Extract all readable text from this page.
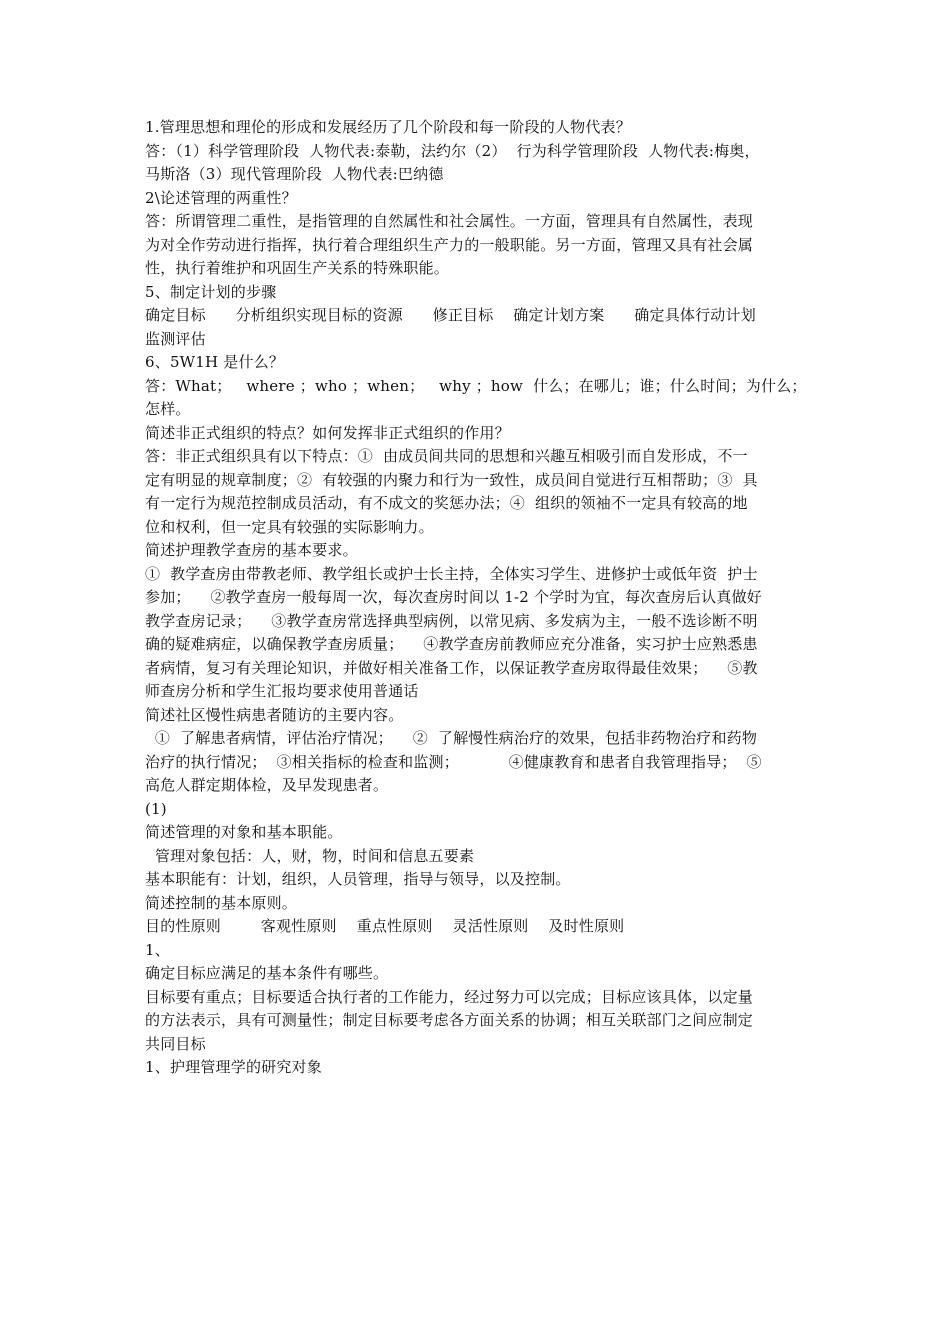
1.管理思想和理伦的形成和发展经历了几个阶段和每一阶段的人物代表？
答：（1）科学管理阶段  人物代表:泰勒，法约尔（2）  行为科学管理阶段  人物代表:梅奥，
马斯洛（3）现代管理阶段  人物代表:巴纳德
2\论述管理的两重性？
答：所谓管理二重性，是指管理的自然属性和社会属性。一方面，管理具有自然属性，表现
为对全作劳动进行指挥，执行着合理组织生产力的一般职能。另一方面，管理又具有社会属
性，执行着维护和巩固生产关系的特殊职能。
5、制定计划的步骤
确定目标      分析组织实现目标的资源      修正目标    确定计划方案      确定具体行动计划
监测评估
6、5W1H 是什么？
答：What；   where ；who ；when；   why ；how  什么；在哪儿；谁；什么时间；为什么；
怎样。
简述非正式组织的特点？如何发挥非正式组织的作用？
答：非正式组织具有以下特点：①  由成员间共同的思想和兴趣互相吸引而自发形成，不一
定有明显的规章制度；②  有较强的内聚力和行为一致性，成员间自觉进行互相帮助；③  具
有一定行为规范控制成员活动，有不成文的奖惩办法；④  组织的领袖不一定具有较高的地
位和权利，但一定具有较强的实际影响力。
简述护理教学查房的基本要求。
①  教学查房由带教老师、教学组长或护士长主持，全体实习学生、进修护士或低年资  护士
参加；    ②教学查房一般每周一次，每次查房时间以 1-2 个学时为宜，每次查房后认真做好
教学查房记录；    ③教学查房常选择典型病例，以常见病、多发病为主，一般不选诊断不明
确的疑难病症，以确保教学查房质量；    ④教学查房前教师应充分准备，实习护士应熟悉患
者病情，复习有关理论知识，并做好相关准备工作，以保证教学查房取得最佳效果；    ⑤教
师查房分析和学生汇报均要求使用普通话
简述社区慢性病患者随访的主要内容。
①  了解患者病情，评估治疗情况；    ②  了解慢性病治疗的效果，包括非药物治疗和药物
治疗的执行情况；  ③相关指标的检查和监测；          ④健康教育和患者自我管理指导；  ⑤
高危人群定期体检，及早发现患者。
(1)
简述管理的对象和基本职能。
管理对象包括：人，财，物，时间和信息五要素
基本职能有：计划，组织，人员管理，指导与领导，以及控制。
简述控制的基本原则。
目的性原则        客观性原则    重点性原则    灵活性原则    及时性原则
1、
确定目标应满足的基本条件有哪些。
目标要有重点；目标要适合执行者的工作能力，经过努力可以完成；目标应该具体，以定量
的方法表示，具有可测量性；制定目标要考虑各方面关系的协调；相互关联部门之间应制定
共同目标
1、护理管理学的研究对象
